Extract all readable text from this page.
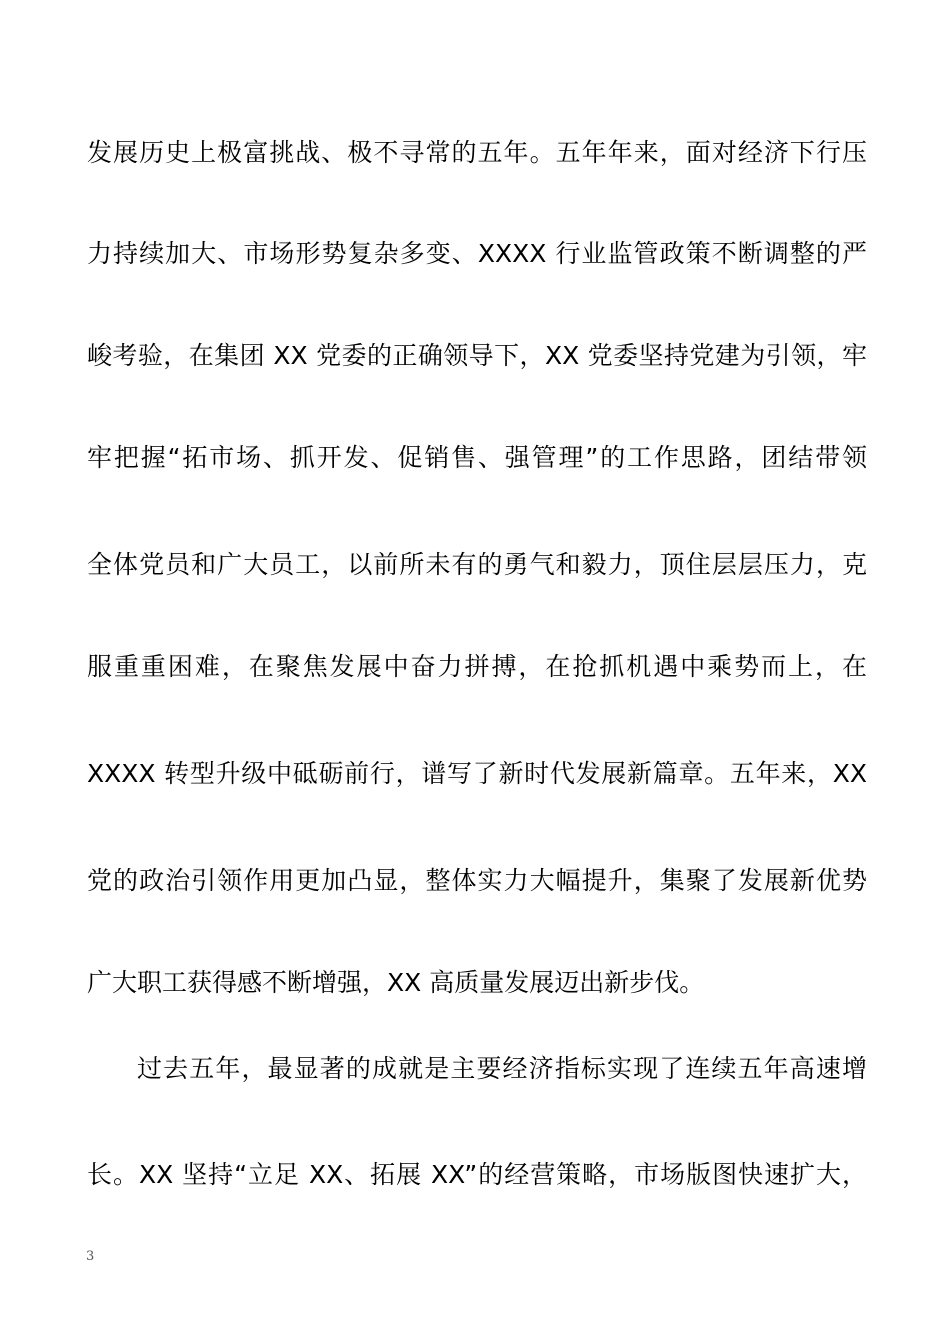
发展历史上极富挑战、极不寻常的五年。五年年来，面对经济下行压
力持续加大、市场形势复杂多变、XXXX 行业监管政策不断调整的严
峻考验，在集团 XX 党委的正确领导下，XX 党委坚持党建为引领，牢
牢把握“拓市场、抓开发、促销售、强管理”的工作思路，团结带领
全体党员和广大员工，以前所未有的勇气和毅力，顶住层层压力，克
服重重困难，在聚焦发展中奋力拼搏，在抢抓机遇中乘势而上，在
XXXX 转型升级中砥砺前行，谱写了新时代发展新篇章。五年来，XX
党的政治引领作用更加凸显，整体实力大幅提升，集聚了发展新优势
广大职工获得感不断增强，XX 高质量发展迈出新步伐。
过去五年，最显著的成就是主要经济指标实现了连续五年高速增
长。XX 坚持“立足 XX、拓展 XX”的经营策略，市场版图快速扩大，
3
